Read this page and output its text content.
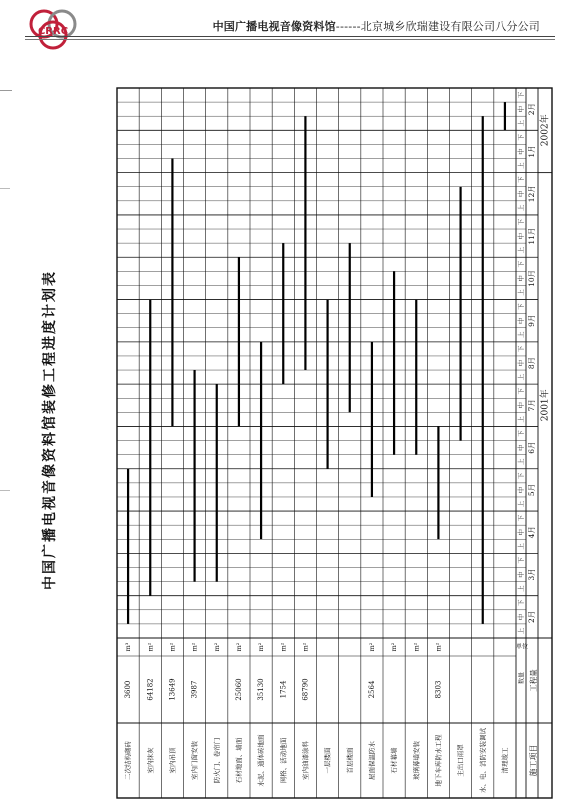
CRRC	中国广播电视音像资料馆------北京城乡欣瑞建设有限公司八分公司
上
中
下
上
中
下
上
中
下
上
中
下
上
中
下
上
中
下
上
中
下
上
中
下
上
中
下
上
中
下
上
中
下
上
中
下
上
中
下
2月
3月
4月
5月
6月
7月
8月
9月
10月
11月
12月
1月
2月
2001年
2002年
工程量
施工项目
单位
数量
二次结构砌砖
m³
3600
室内抹灰
m²
64182
室内吊顶
m²
13649
室内门窗安装
m²
3987
防火门、卷帘门
m²
石材地面、墙面
m²
25060
水泥、通体砖地面
m²
35130
网格、活动地面
m²
1754
室内油漆涂料
m²
68790
一层楼面 首层楼面 屋面保温防水
m²
2564
石材幕墙
m²
玻璃幕墙安装
m²
地下车库防水工程
m²
8303
主出口雨罩 水、电、消防安装调试 清理竣工
中国广播电视音像资料馆装修工程进度计划表
